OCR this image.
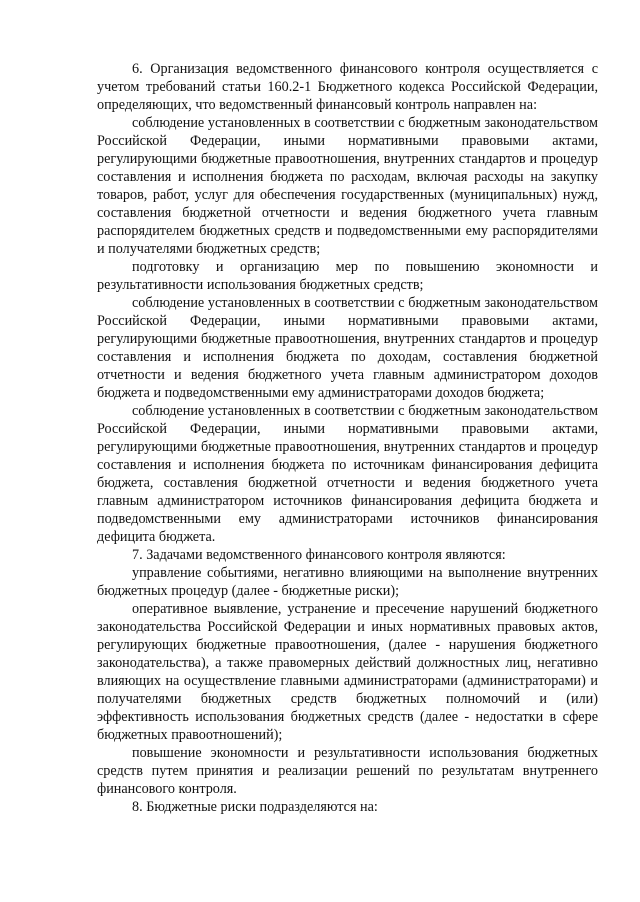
6. Организация ведомственного финансового контроля осуществляется с учетом требований статьи 160.2-1 Бюджетного кодекса Российской Федерации, определяющих, что ведомственный финансовый контроль направлен на:

соблюдение установленных в соответствии с бюджетным законодательством Российской Федерации, иными нормативными правовыми актами, регулирующими бюджетные правоотношения, внутренних стандартов и процедур составления и исполнения бюджета по расходам, включая расходы на закупку товаров, работ, услуг для обеспечения государственных (муниципальных) нужд, составления бюджетной отчетности и ведения бюджетного учета главным распорядителем бюджетных средств и подведомственными ему распорядителями и получателями бюджетных средств;

подготовку и организацию мер по повышению экономности и результативности использования бюджетных средств;

соблюдение установленных в соответствии с бюджетным законодательством Российской Федерации, иными нормативными правовыми актами, регулирующими бюджетные правоотношения, внутренних стандартов и процедур составления и исполнения бюджета по доходам, составления бюджетной отчетности и ведения бюджетного учета главным администратором доходов бюджета и подведомственными ему администраторами доходов бюджета;

соблюдение установленных в соответствии с бюджетным законодательством Российской Федерации, иными нормативными правовыми актами, регулирующими бюджетные правоотношения, внутренних стандартов и процедур составления и исполнения бюджета по источникам финансирования дефицита бюджета, составления бюджетной отчетности и ведения бюджетного учета главным администратором источников финансирования дефицита бюджета и подведомственными ему администраторами источников финансирования дефицита бюджета.

7. Задачами ведомственного финансового контроля являются:

управление событиями, негативно влияющими на выполнение внутренних бюджетных процедур (далее - бюджетные риски);

оперативное выявление, устранение и пресечение нарушений бюджетного законодательства Российской Федерации и иных нормативных правовых актов, регулирующих бюджетные правоотношения, (далее - нарушения бюджетного законодательства), а также правомерных действий должностных лиц, негативно влияющих на осуществление главными администраторами (администраторами) и получателями бюджетных средств бюджетных полномочий и (или) эффективность использования бюджетных средств (далее - недостатки в сфере бюджетных правоотношений);

повышение экономности и результативности использования бюджетных средств путем принятия и реализации решений по результатам внутреннего финансового контроля.

8. Бюджетные риски подразделяются на:
